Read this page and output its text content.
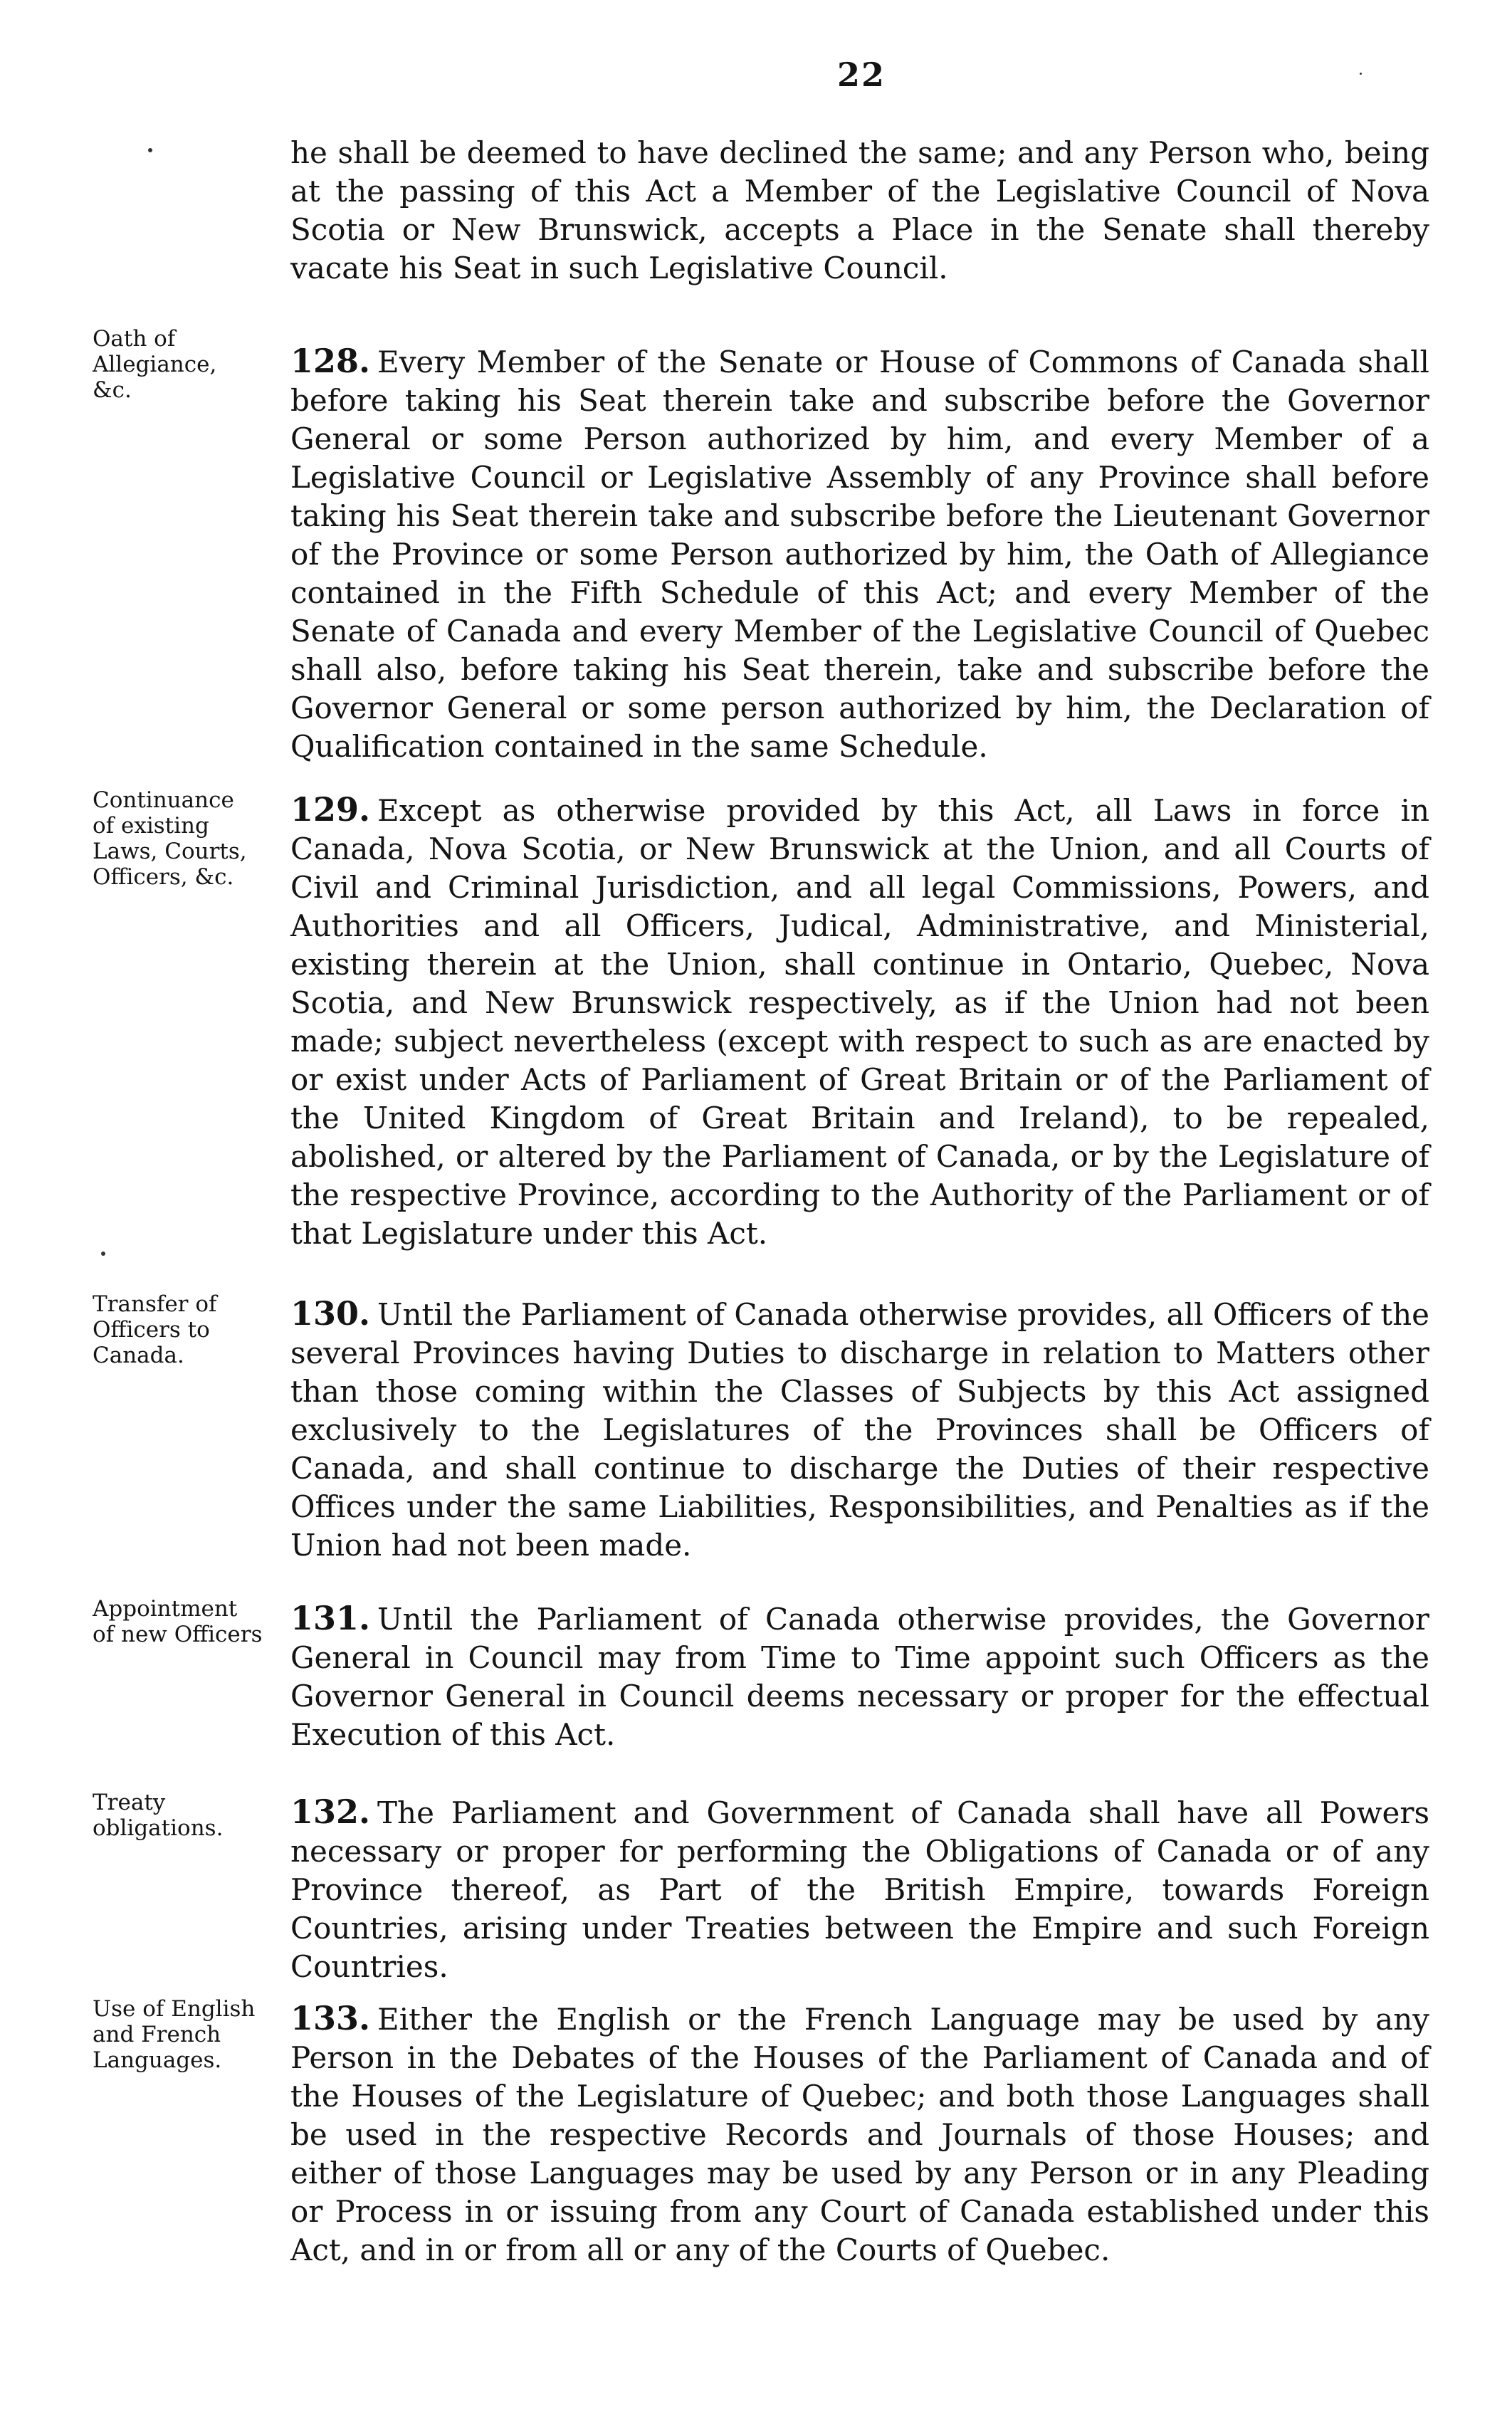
22

he shall be deemed to have declined the same; and any Person who, being at the passing of this Act a Member of the Legislative Council of Nova Scotia or New Brunswick, accepts a Place in the Senate shall thereby vacate his Seat in such Legislative Council.

Oath of
Allegiance,
&c.

128. Every Member of the Senate or House of Commons of Canada shall before taking his Seat therein take and subscribe before the Governor General or some Person authorized by him, and every Member of a Legislative Council or Legislative Assembly of any Province shall before taking his Seat therein take and subscribe before the Lieutenant Governor of the Province or some Person authorized by him, the Oath of Allegiance contained in the Fifth Schedule of this Act; and every Member of the Senate of Canada and every Member of the Legislative Council of Quebec shall also, before taking his Seat therein, take and subscribe before the Governor General or some person authorized by him, the Declaration of Qualification contained in the same Schedule.

Continuance
of existing
Laws, Courts,
Officers, &c.

129. Except as otherwise provided by this Act, all Laws in force in Canada, Nova Scotia, or New Brunswick at the Union, and all Courts of Civil and Criminal Jurisdiction, and all legal Commissions, Powers, and Authorities and all Officers, Judical, Administrative, and Ministerial, existing therein at the Union, shall continue in Ontario, Quebec, Nova Scotia, and New Brunswick respectively, as if the Union had not been made; subject nevertheless (except with respect to such as are enacted by or exist under Acts of Parliament of Great Britain or of the Parliament of the United Kingdom of Great Britain and Ireland), to be repealed, abolished, or altered by the Parliament of Canada, or by the Legislature of the respective Province, according to the Authority of the Parliament or of that Legislature under this Act.

Transfer of
Officers to
Canada.

130. Until the Parliament of Canada otherwise provides, all Officers of the several Provinces having Duties to discharge in relation to Matters other than those coming within the Classes of Subjects by this Act assigned exclusively to the Legislatures of the Provinces shall be Officers of Canada, and shall continue to discharge the Duties of their respective Offices under the same Liabilities, Responsibilities, and Penalties as if the Union had not been made.

Appointment
of new Officers 131. Until the Parliament of Canada otherwise provides, the Governor General in Council may from Time to Time appoint such Officers as the Governor General in Council deems necessary or proper for the effectual Execution of this Act.

Treaty
obligations.	132. The Parliament and Government of Canada shall have all Powers necessary or proper for performing the Obligations of Canada or of any Province thereof, as Part of the British Empire, towards Foreign Countries, arising under Treaties between the Empire and such Foreign Countries.

Use of English
and French
Languages.

133. Either the English or the French Language may be used by any Person in the Debates of the Houses of the Parliament of Canada and of the Houses of the Legislature of Quebec; and both those Languages shall be used in the respective Records and Journals of those Houses; and either of those Languages may be used by any Person or in any Pleading or Process in or issuing from any Court of Canada established under this Act, and in or from all or any of the Courts of Quebec.
